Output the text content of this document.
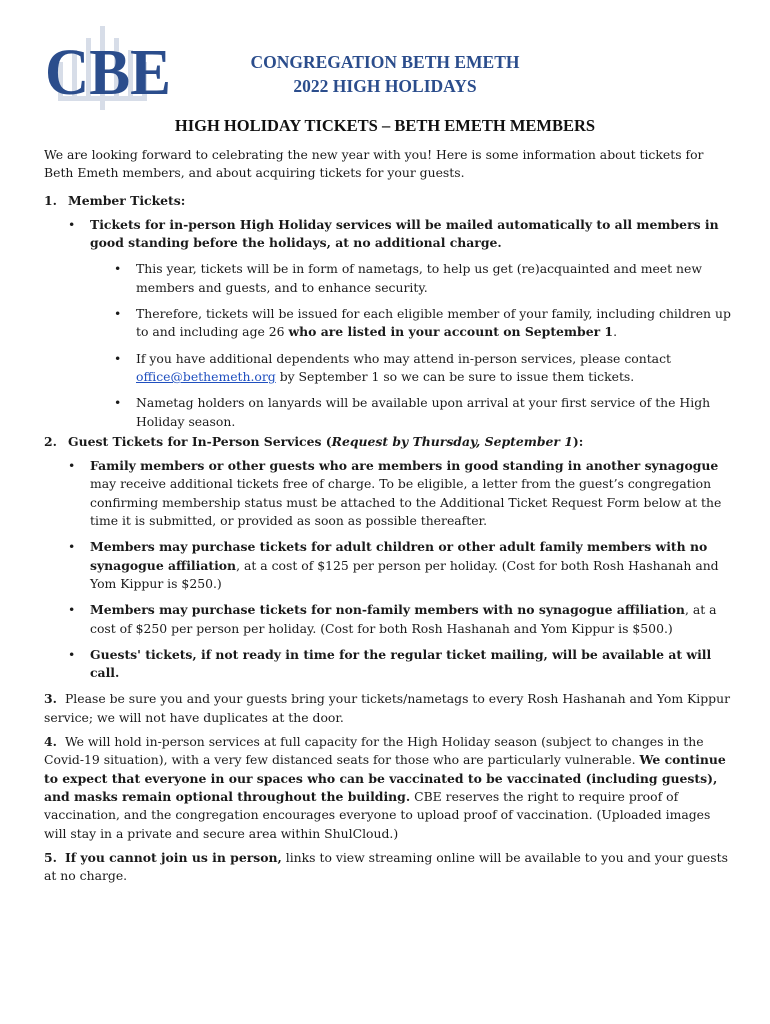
CBE	CONGREGATION BETH EMETH
2022 HIGH HOLIDAYS
HIGH HOLIDAY TICKETS – BETH EMETH MEMBERS

We are looking forward to celebrating the new year with you! Here is some information about tickets for Beth Emeth members, and about acquiring tickets for your guests.

1. Member Tickets:
• Tickets for in-person High Holiday services will be mailed automatically to all members in good standing before the holidays, at no additional charge.
• This year, tickets will be in form of nametags, to help us get (re)acquainted and meet new members and guests, and to enhance security.
• Therefore, tickets will be issued for each eligible member of your family, including children up to and including age 26 who are listed in your account on September 1.
• If you have additional dependents who may attend in-person services, please contact office@bethemeth.org by September 1 so we can be sure to issue them tickets.
• Nametag holders on lanyards will be available upon arrival at your first service of the High Holiday season.
2. Guest Tickets for In-Person Services (Request by Thursday, September 1):
• Family members or other guests who are members in good standing in another synagogue may receive additional tickets free of charge. To be eligible, a letter from the guest’s congregation confirming membership status must be attached to the Additional Ticket Request Form below at the time it is submitted, or provided as soon as possible thereafter.
• Members may purchase tickets for adult children or other adult family members with no synagogue affiliation, at a cost of $125 per person per holiday. (Cost for both Rosh Hashanah and Yom Kippur is $250.)
• Members may purchase tickets for non-family members with no synagogue affiliation, at a cost of $250 per person per holiday. (Cost for both Rosh Hashanah and Yom Kippur is $500.)
• Guests' tickets, if not ready in time for the regular ticket mailing, will be available at will call.

3. Please be sure you and your guests bring your tickets/nametags to every Rosh Hashanah and Yom Kippur service; we will not have duplicates at the door.

4. We will hold in-person services at full capacity for the High Holiday season (subject to changes in the Covid-19 situation), with a very few distanced seats for those who are particularly vulnerable. We continue to expect that everyone in our spaces who can be vaccinated to be vaccinated (including guests), and masks remain optional throughout the building. CBE reserves the right to require proof of vaccination, and the congregation encourages everyone to upload proof of vaccination. (Uploaded images will stay in a private and secure area within ShulCloud.)

5. If you cannot join us in person, links to view streaming online will be available to you and your guests at no charge.
